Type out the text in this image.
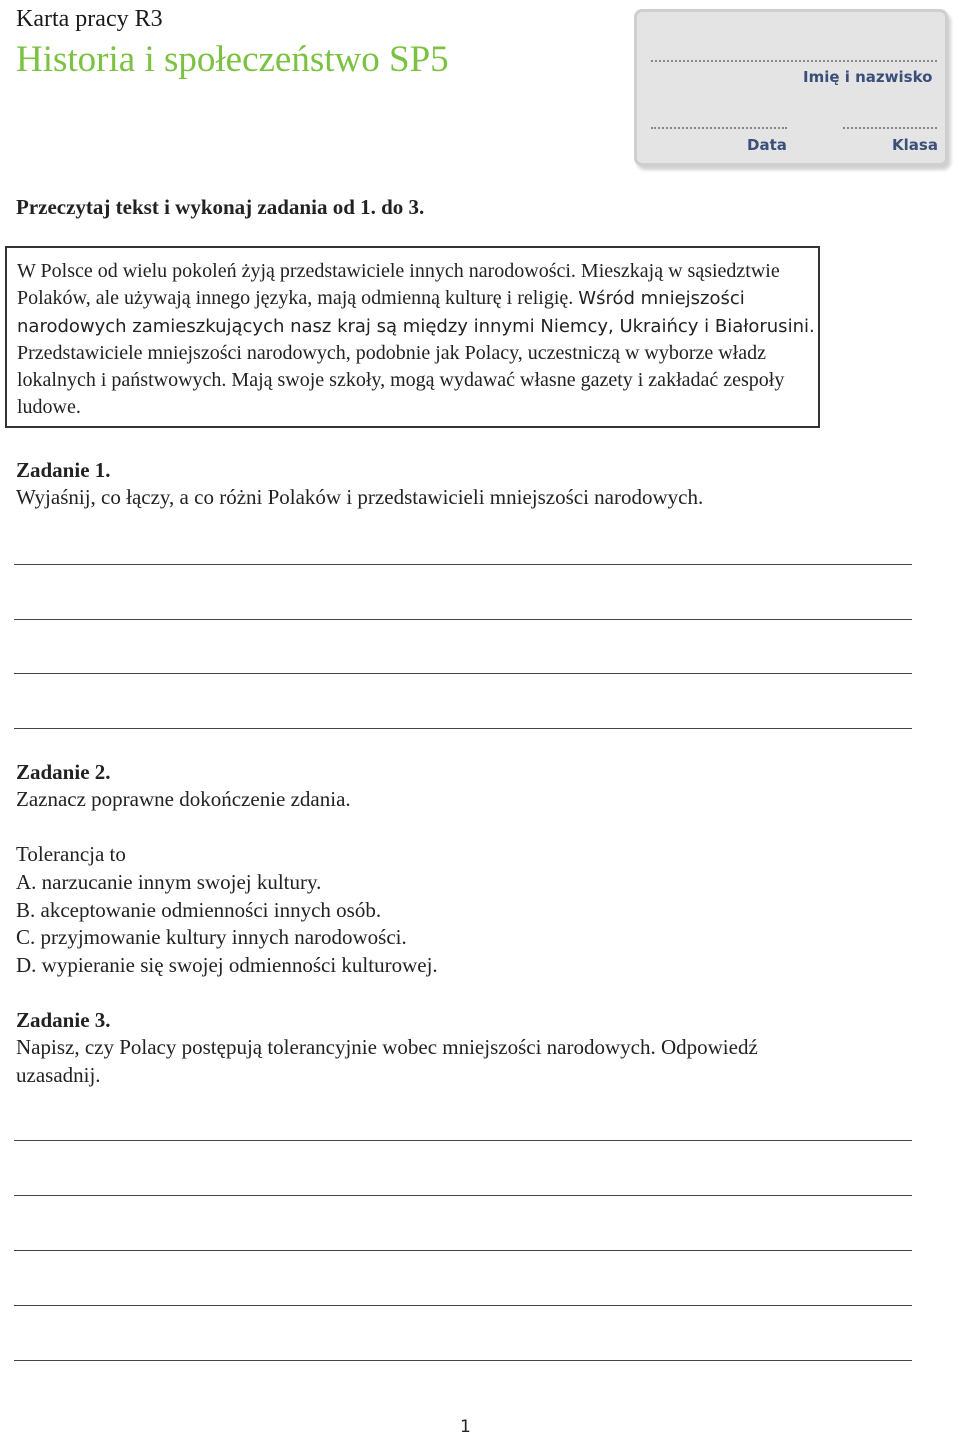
Karta pracy R3
Historia i społeczeństwo SP5	Imię i nazwisko
Data	Klasa
Przeczytaj tekst i wykonaj zadania od 1. do 3.
W Polsce od wielu pokoleń żyją przedstawiciele innych narodowości. Mieszkają w sąsiedztwie Polaków, ale używają innego języka, mają odmienną kulturę i religię. Wśród mniejszości narodowych zamieszkujących nasz kraj są między innymi Niemcy, Ukraińcy i Białorusini. Przedstawiciele mniejszości narodowych, podobnie jak Polacy, uczestniczą w wyborze władz lokalnych i państwowych. Mają swoje szkoły, mogą wydawać własne gazety i zakładać zespoły ludowe.
Zadanie 1.
Wyjaśnij, co łączy, a co różni Polaków i przedstawicieli mniejszości narodowych.
Zadanie 2.
Zaznacz poprawne dokończenie zdania.
Tolerancja to
A. narzucanie innym swojej kultury.
B. akceptowanie odmienności innych osób.
C. przyjmowanie kultury innych narodowości.
D. wypieranie się swojej odmienności kulturowej.
Zadanie 3.
Napisz, czy Polacy postępują tolerancyjnie wobec mniejszości narodowych. Odpowiedź
uzasadnij.
1
